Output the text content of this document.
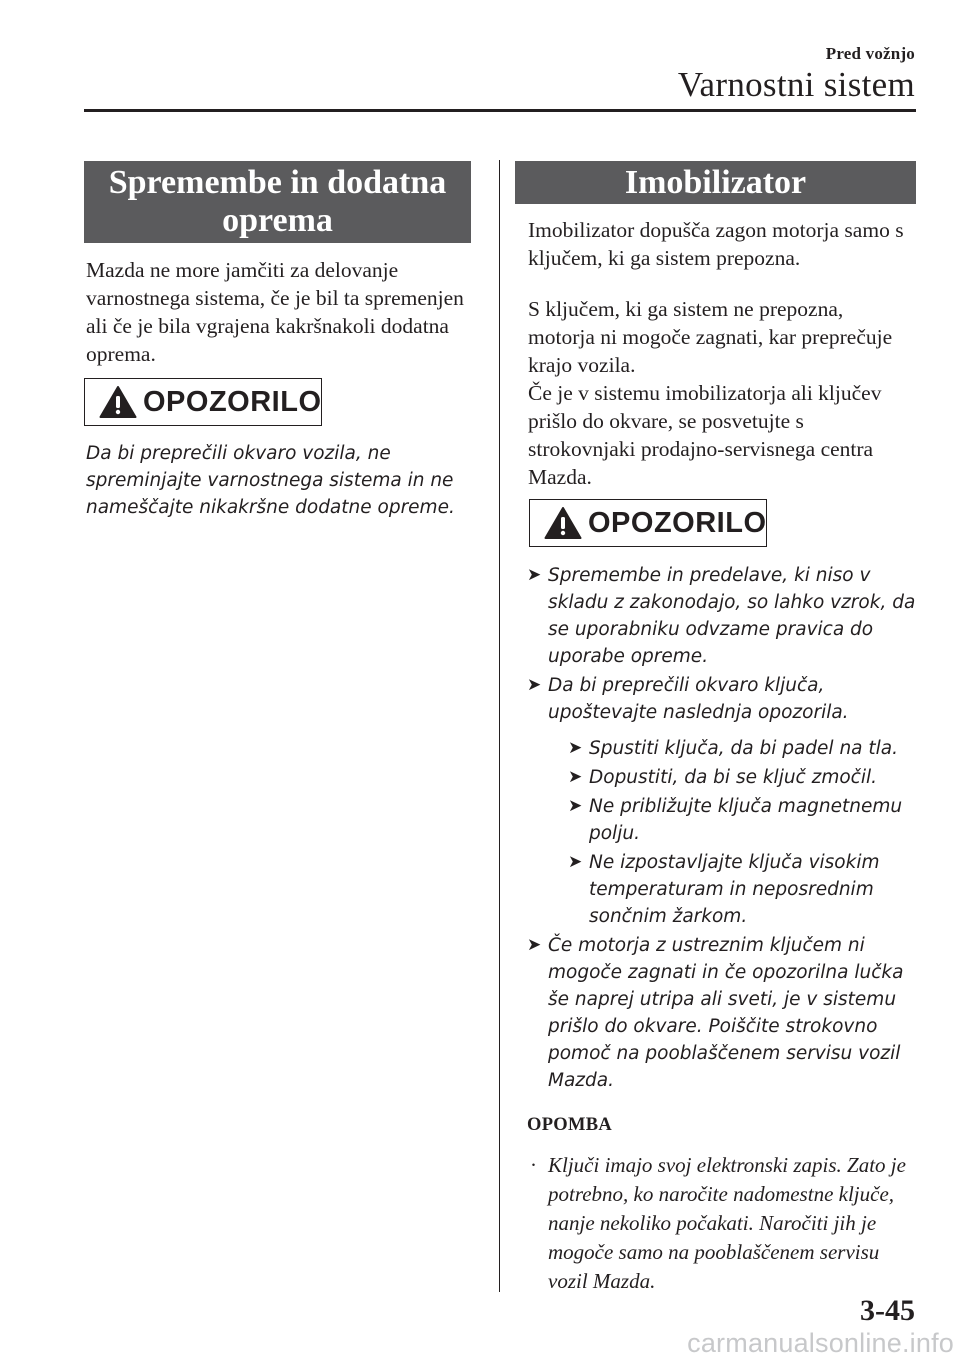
Pred vožnjo
Varnostni sistem
Spremembe in dodatna oprema
Mazda ne more jamčiti za delovanje varnostnega sistema, če je bil ta spremenjen ali če je bila vgrajena kakršnakoli dodatna oprema.
OPOZORILO
Da bi preprečili okvaro vozila, ne spreminjajte varnostnega sistema in ne nameščajte nikakršne dodatne opreme.
Imobilizator
Imobilizator dopušča zagon motorja samo s ključem, ki ga sistem prepozna.
S ključem, ki ga sistem ne prepozna, motorja ni mogoče zagnati, kar preprečuje krajo vozila.
Če je v sistemu imobilizatorja ali ključev prišlo do okvare, se posvetujte s strokovnjaki prodajno-servisnega centra Mazda.
OPOZORILO
➤ Spremembe in predelave, ki niso v skladu z zakonodajo, so lahko vzrok, da se uporabniku odvzame pravica do uporabe opreme.
➤ Da bi preprečili okvaro ključa, upoštevajte naslednja opozorila.
➤ Spustiti ključa, da bi padel na tla.
➤ Dopustiti, da bi se ključ zmočil.
➤ Ne približujte ključa magnetnemu polju.
➤ Ne izpostavljajte ključa visokim temperaturam in neposrednim sončnim žarkom.
➤ Če motorja z ustreznim ključem ni mogoče zagnati in če opozorilna lučka še naprej utripa ali sveti, je v sistemu prišlo do okvare. Poiščite strokovno pomoč na pooblaščenem servisu vozil Mazda.
OPOMBA
· Ključi imajo svoj elektronski zapis. Zato je potrebno, ko naročite nadomestne ključe, nanje nekoliko počakati. Naročiti jih je mogoče samo na pooblaščenem servisu vozil Mazda.
3-45
carmanualsonline.info
